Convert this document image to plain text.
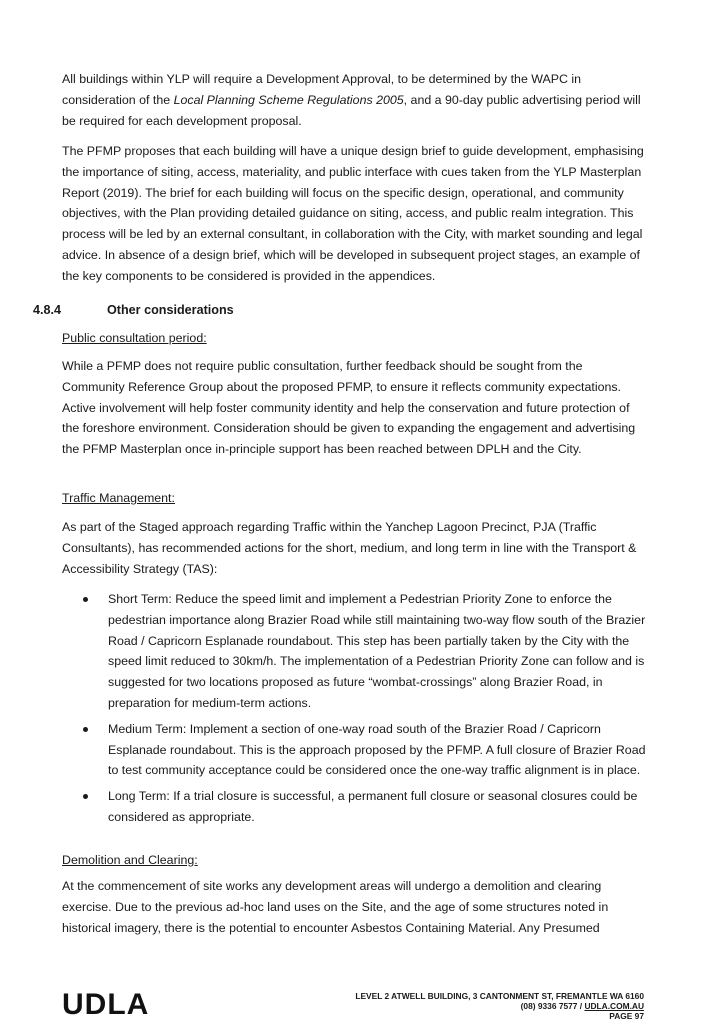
All buildings within YLP will require a Development Approval, to be determined by the WAPC in consideration of the Local Planning Scheme Regulations 2005, and a 90-day public advertising period will be required for each development proposal.

The PFMP proposes that each building will have a unique design brief to guide development, emphasising the importance of siting, access, materiality, and public interface with cues taken from the YLP Masterplan Report (2019). The brief for each building will focus on the specific design, operational, and community objectives, with the Plan providing detailed guidance on siting, access, and public realm integration. This process will be led by an external consultant, in collaboration with the City, with market sounding and legal advice. In absence of a design brief, which will be developed in subsequent project stages, an example of the key components to be considered is provided in the appendices.

4.8.4	Other considerations
Public consultation period:

While a PFMP does not require public consultation, further feedback should be sought from the Community Reference Group about the proposed PFMP, to ensure it reflects community expectations. Active involvement will help foster community identity and help the conservation and future protection of the foreshore environment. Consideration should be given to expanding the engagement and advertising the PFMP Masterplan once in-principle support has been reached between DPLH and the City.

Traffic Management:

As part of the Staged approach regarding Traffic within the Yanchep Lagoon Precinct, PJA (Traffic Consultants), has recommended actions for the short, medium, and long term in line with the Transport & Accessibility Strategy (TAS):

Short Term: Reduce the speed limit and implement a Pedestrian Priority Zone to enforce the pedestrian importance along Brazier Road while still maintaining two-way flow south of the Brazier Road / Capricorn Esplanade roundabout. This step has been partially taken by the City with the speed limit reduced to 30km/h. The implementation of a Pedestrian Priority Zone can follow and is suggested for two locations proposed as future “wombat-crossings” along Brazier Road, in preparation for medium-term actions.
Medium Term: Implement a section of one-way road south of the Brazier Road / Capricorn Esplanade roundabout. This is the approach proposed by the PFMP. A full closure of Brazier Road to test community acceptance could be considered once the one-way traffic alignment is in place.
Long Term: If a trial closure is successful, a permanent full closure or seasonal closures could be considered as appropriate.
Demolition and Clearing:

At the commencement of site works any development areas will undergo a demolition and clearing exercise. Due to the previous ad-hoc land uses on the Site, and the age of some structures noted in historical imagery, there is the potential to encounter Asbestos Containing Material. Any Presumed

UDLA	LEVEL 2 ATWELL BUILDING, 3 CANTONMENT ST, FREMANTLE WA 6160
(08) 9336 7577 / UDLA.COM.AU
PAGE 97
